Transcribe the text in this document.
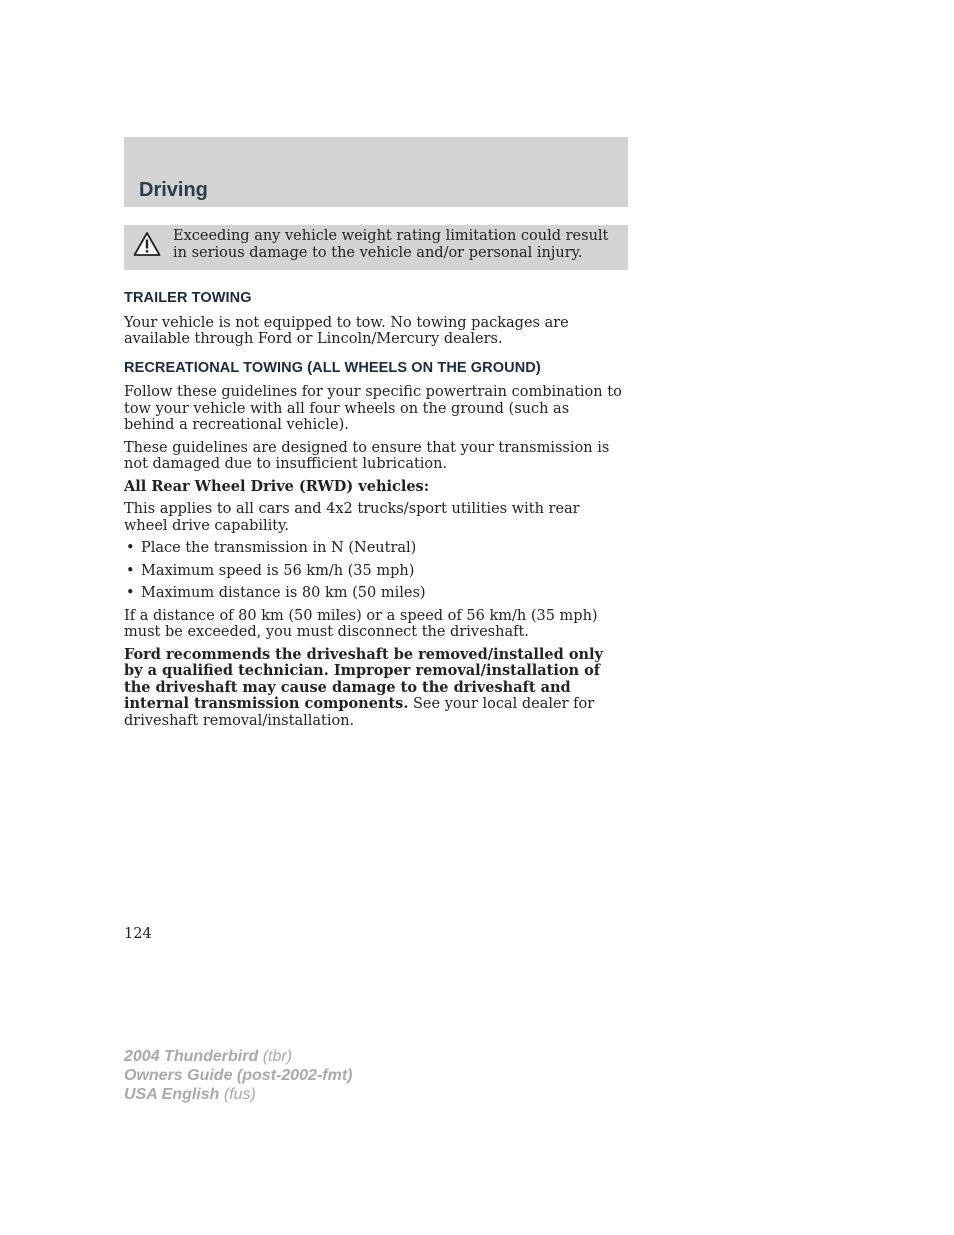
Driving
Exceeding any vehicle weight rating limitation could result in serious damage to the vehicle and/or personal injury.
TRAILER TOWING

Your vehicle is not equipped to tow. No towing packages are available through Ford or Lincoln/Mercury dealers.

RECREATIONAL TOWING (ALL WHEELS ON THE GROUND)

Follow these guidelines for your specific powertrain combination to tow your vehicle with all four wheels on the ground (such as behind a recreational vehicle).

These guidelines are designed to ensure that your transmission is not damaged due to insufficient lubrication.

All Rear Wheel Drive (RWD) vehicles:

This applies to all cars and 4x2 trucks/sport utilities with rear wheel drive capability.

• Place the transmission in N (Neutral)
• Maximum speed is 56 km/h (35 mph)
• Maximum distance is 80 km (50 miles)

If a distance of 80 km (50 miles) or a speed of 56 km/h (35 mph) must be exceeded, you must disconnect the driveshaft.

Ford recommends the driveshaft be removed/installed only by a qualified technician. Improper removal/installation of the driveshaft may cause damage to the driveshaft and internal transmission components. See your local dealer for driveshaft removal/installation.

124
2004 Thunderbird (tbr)
Owners Guide (post-2002-fmt)
USA English (fus)
